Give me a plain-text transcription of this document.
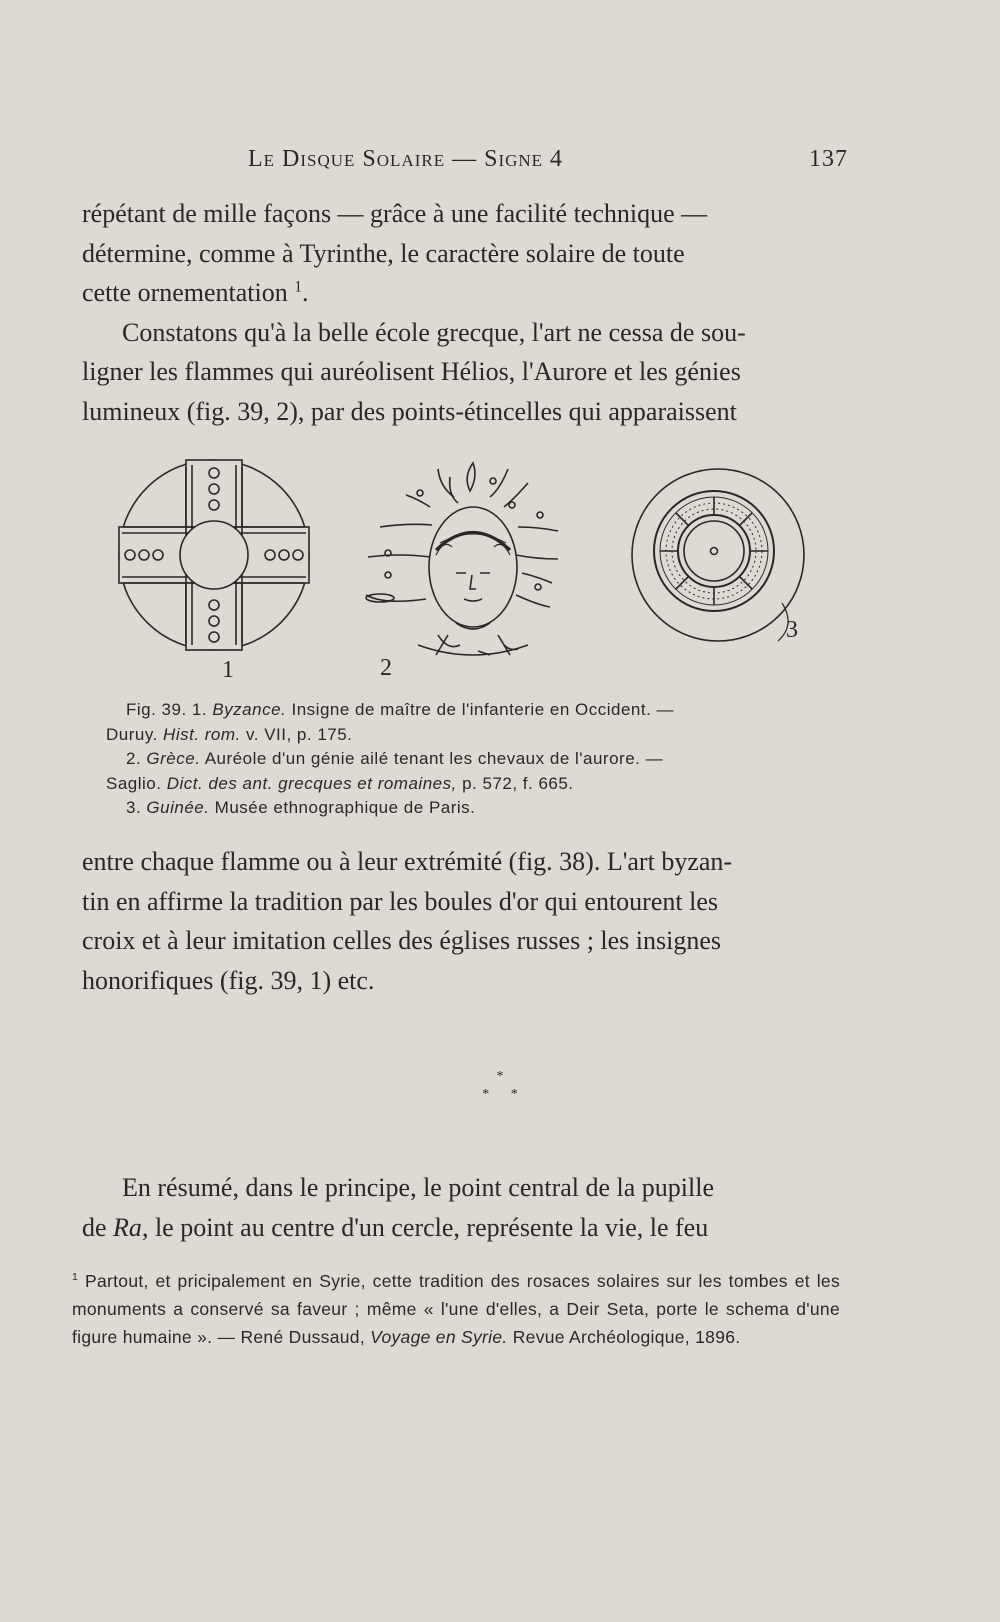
Le Disque Solaire — Signe 4	137

répétant de mille façons — grâce à une facilité technique —

détermine, comme à Tyrinthe, le caractère solaire de toute

cette ornementation $^1$.

Constatons qu'à la belle école grecque, l'art ne cessa de sou-

ligner les flammes qui auréolisent Hélios, l'Aurore et les génies

lumineux (fig. 39, 2), par des points-étincelles qui apparaissent

1	2
3
Fig. 39. 1. Byzance. Insigne de maître de l'infanterie en Occident. —
Duruy. Hist. rom. v. VII, p. 175.
2. Grèce. Auréole d'un génie ailé tenant les chevaux de l'aurore. —
Saglio. Dict. des ant. grecques et romaines, p. 572, f. 665.
3. Guinée. Musée ethnographique de Paris.

entre chaque flamme ou à leur extrémité (fig. 38). L'art byzan-

tin en affirme la tradition par les boules d'or qui entourent les

croix et à leur imitation celles des églises russes ; les insignes

honorifiques (fig. 39, 1) etc.

*
* *

En résumé, dans le principe, le point central de la pupille

de Ra, le point au centre d'un cercle, représente la vie, le feu

$^1$ Partout, et pricipalement en Syrie, cette tradition des rosaces solaires sur les tombes et les monuments a conservé sa faveur ; même « l'une d'elles, a Deir Seta, porte le schema d'une figure humaine ». — René Dussaud, Voyage en Syrie. Revue Archéologique, 1896.
